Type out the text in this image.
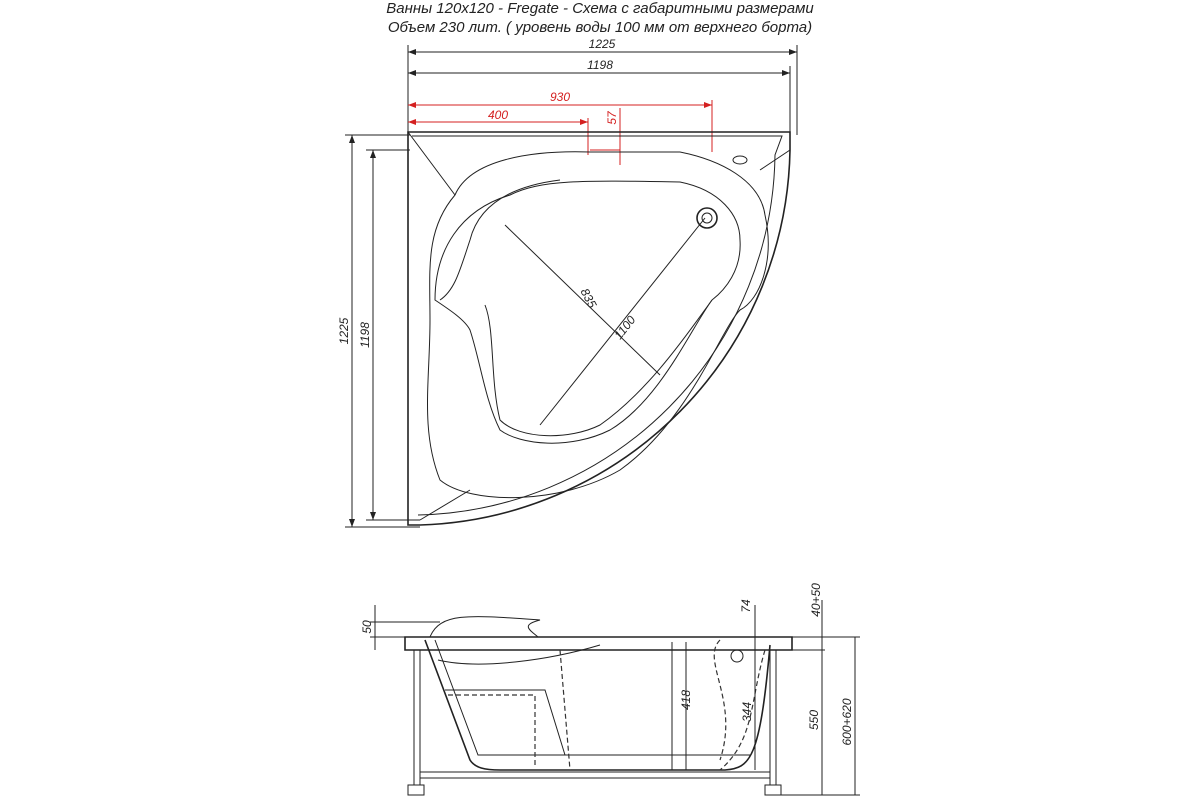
Ванны 120x120 - Fregate - Схема с габаритными размерами
Объем 230 лит. ( уровень воды 100 мм от верхнего борта)
1225
1198
1225 1198
930
400	57
835
1100
50
418
344
74	40+50
550 600+620
